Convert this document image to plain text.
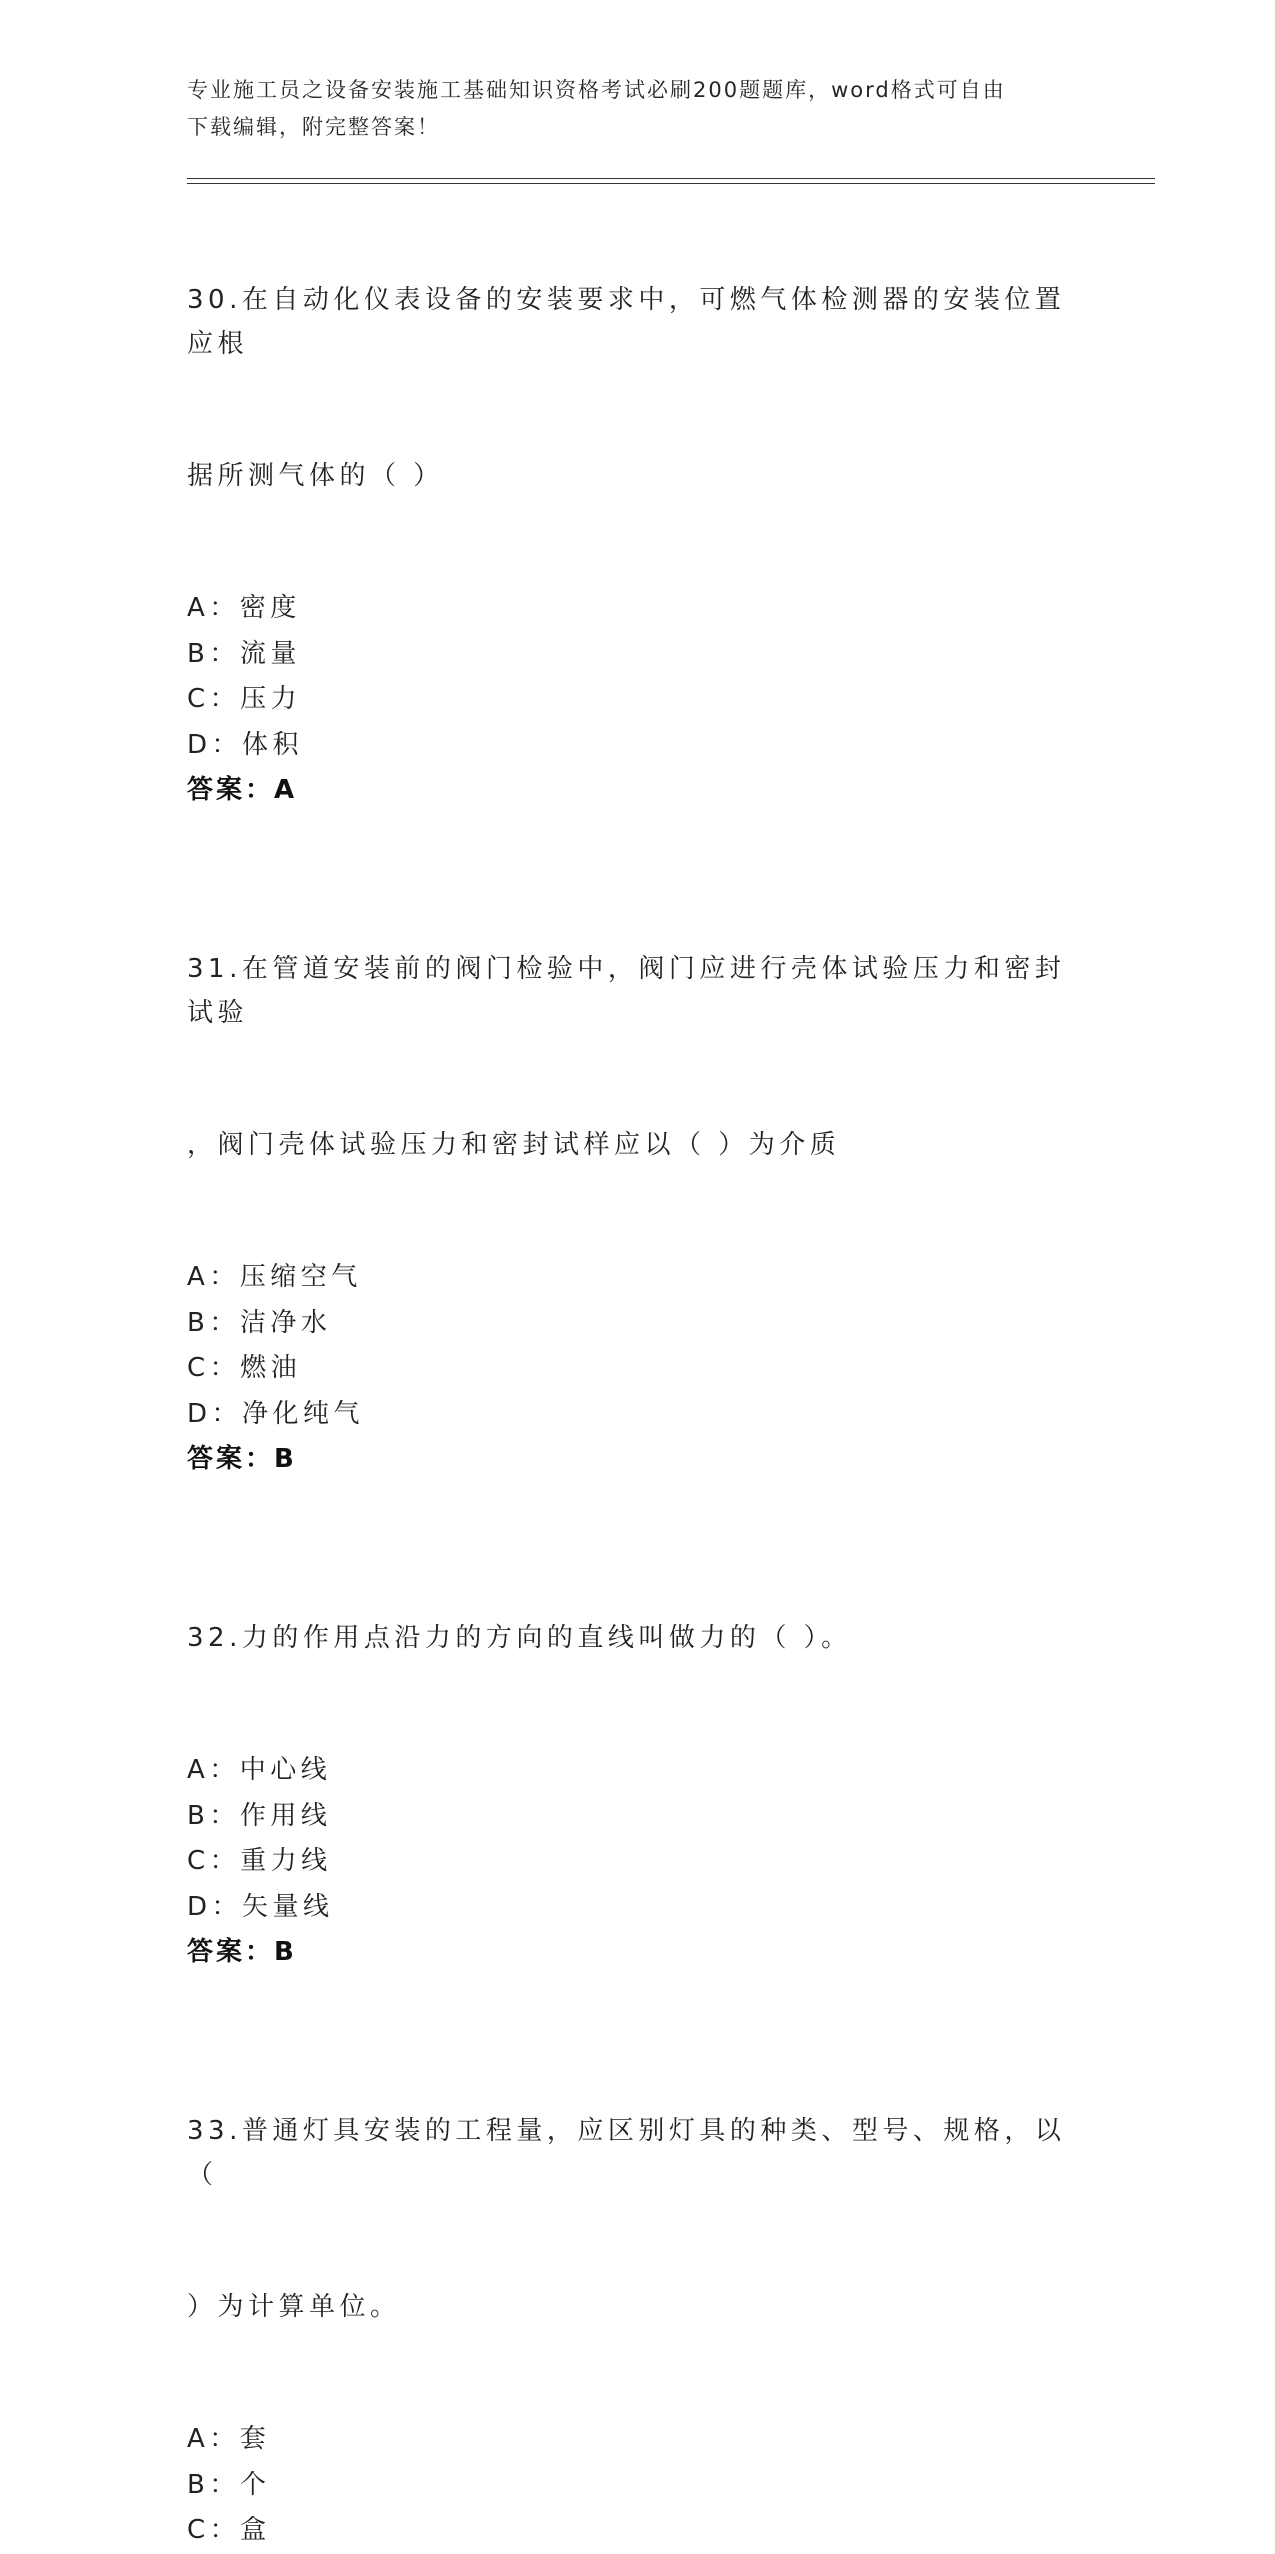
专业施工员之设备安装施工基础知识资格考试必刷200题题库，word格式可自由
下载编辑，附完整答案！

30.在自动化仪表设备的安装要求中，可燃气体检测器的安装位置应根

据所测气体的（ ）

A： 密度
B： 流量
C： 压力
D： 体积
答案：A

31.在管道安装前的阀门检验中，阀门应进行壳体试验压力和密封试验

，阀门壳体试验压力和密封试样应以（ ）为介质

A： 压缩空气
B： 洁净水
C： 燃油
D： 净化纯气
答案：B

32.力的作用点沿力的方向的直线叫做力的（ ）。

A： 中心线
B： 作用线
C： 重力线
D： 矢量线
答案：B

33.普通灯具安装的工程量，应区别灯具的种类、型号、规格，以（

）为计算单位。

A： 套
B： 个
C： 盒
